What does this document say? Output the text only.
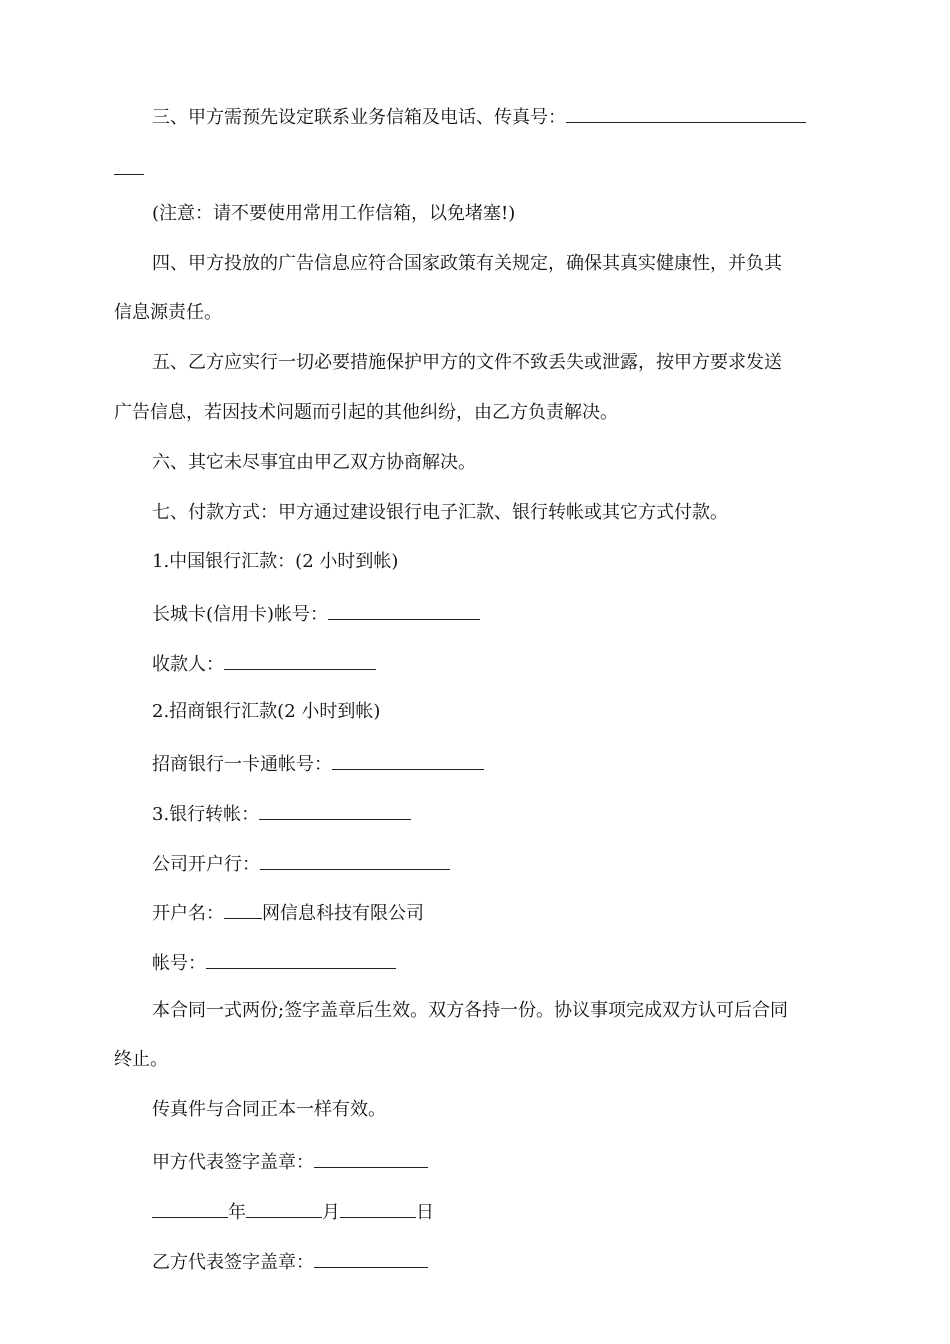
三、甲方需预先设定联系业务信箱及电话、传真号：
(注意：请不要使用常用工作信箱，以免堵塞!)
四、甲方投放的广告信息应符合国家政策有关规定，确保其真实健康性，并负其
信息源责任。
五、乙方应实行一切必要措施保护甲方的文件不致丢失或泄露，按甲方要求发送
广告信息，若因技术问题而引起的其他纠纷，由乙方负责解决。
六、其它未尽事宜由甲乙双方协商解决。
七、付款方式：甲方通过建设银行电子汇款、银行转帐或其它方式付款。
1.中国银行汇款：(2 小时到帐)
长城卡(信用卡)帐号：
收款人：
2.招商银行汇款(2 小时到帐)
招商银行一卡通帐号：
3.银行转帐：
公司开户行：
开户名： 网信息科技有限公司
帐号：
本合同一式两份;签字盖章后生效。双方各持一份。协议事项完成双方认可后合同
终止。
传真件与合同正本一样有效。
甲方代表签字盖章：
年	月	日
乙方代表签字盖章：
